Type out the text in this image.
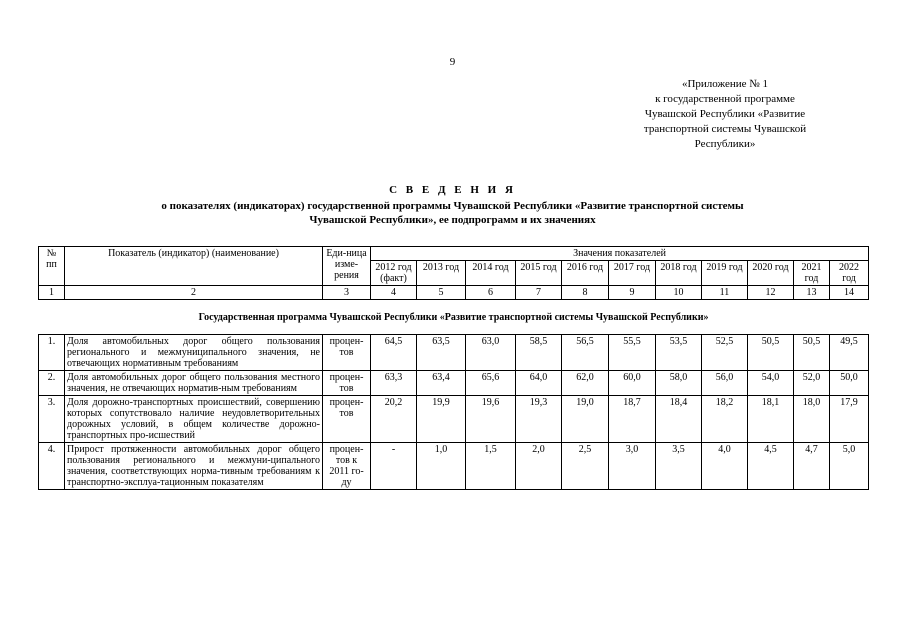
9
«Приложение № 1
к государственной программе
Чувашской Республики «Развитие
транспортной системы Чувашской
Республики»
С В Е Д Е Н И Я
о показателях (индикаторах) государственной программы Чувашской Республики «Развитие транспортной системы
Чувашской Республики», ее подпрограмм и их значениях
№ пп	Показатель (индикатор) (наименование)	Еди-ница изме-рения	Значения показателей										
			2012 год (факт)	2013 год	2014 год	2015 год	2016 год	2017 год	2018 год	2019 год	2020 год	2021 год	2022 год
1	2	3	4	5	6	7	8	9	10	11	12	13	14
Государственная программа Чувашской Республики «Развитие транспортной системы Чувашской Республики»													
1.	Доля автомобильных дорог общего пользования регионального и межмуниципального значения, не отвечающих нормативным требованиям	процен-тов	64,5	63,5	63,0	58,5	56,5	55,5	53,5	52,5	50,5	50,5	49,5
2.	Доля автомобильных дорог общего пользования местного значения, не отвечающих норматив-ным требованиям	процен-тов	63,3	63,4	65,6	64,0	62,0	60,0	58,0	56,0	54,0	52,0	50,0
3.	Доля дорожно-транспортных происшествий, совершению которых сопутствовало наличие неудовлетворительных дорожных условий, в общем количестве дорожно-транспортных про-исшествий	процен-тов	20,2	19,9	19,6	19,3	19,0	18,7	18,4	18,2	18,1	18,0	17,9
4.	Прирост протяженности автомобильных дорог общего пользования регионального и межмуни-ципального значения, соответствующих норма-тивным требованиям к транспортно-эксплуа-тационным показателям	процен-тов к 2011 го-ду	-	1,0	1,5	2,0	2,5	3,0	3,5	4,0	4,5	4,7	5,0
